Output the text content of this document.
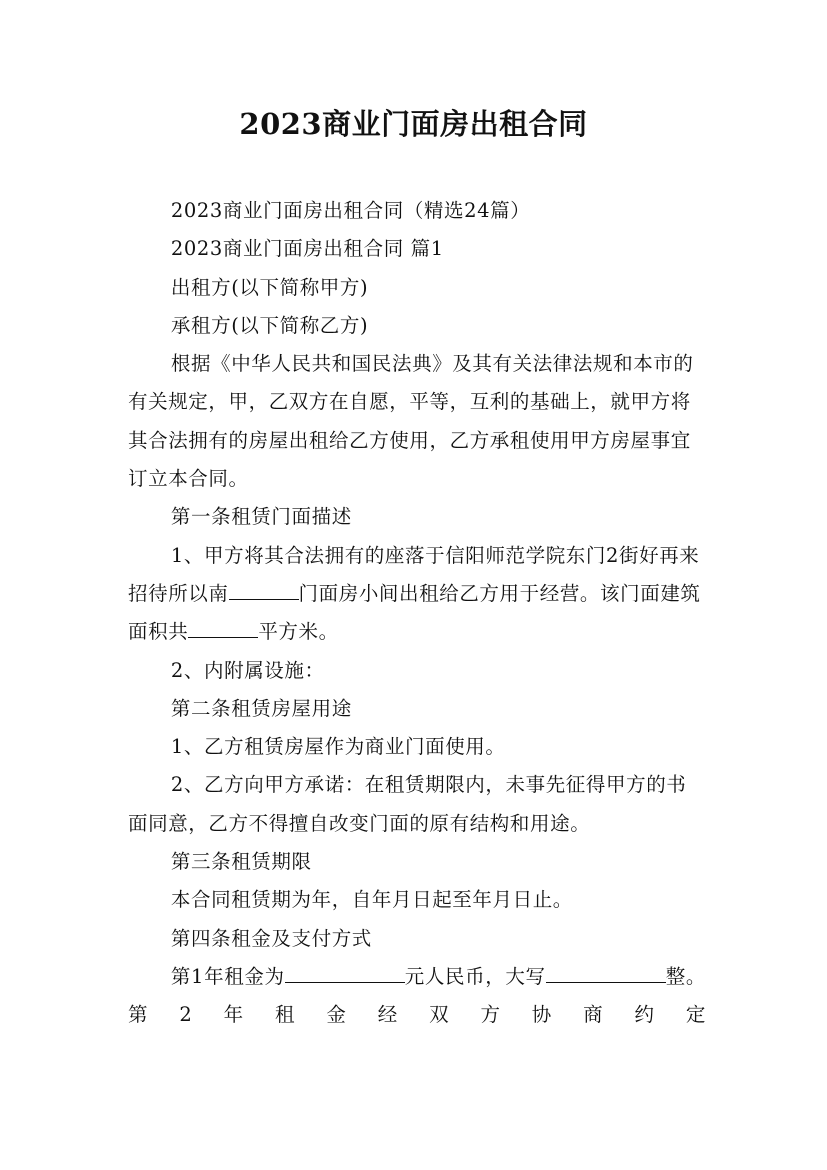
2023商业门面房出租合同

2023商业门面房出租合同（精选24篇）

2023商业门面房出租合同 篇1

出租方(以下简称甲方)

承租方(以下简称乙方)

根据《中华人民共和国民法典》及其有关法律法规和本市的有关规定，甲，乙双方在自愿，平等，互利的基础上，就甲方将其合法拥有的房屋出租给乙方使用，乙方承租使用甲方房屋事宜订立本合同。

第一条租赁门面描述

1、甲方将其合法拥有的座落于信阳师范学院东门2街好再来招待所以南	门面房小间出租给乙方用于经营。该门面建筑面积共	平方米。

2、内附属设施：

第二条租赁房屋用途

1、乙方租赁房屋作为商业门面使用。

2、乙方向甲方承诺：在租赁期限内，未事先征得甲方的书面同意，乙方不得擅自改变门面的原有结构和用途。

第三条租赁期限

本合同租赁期为年，自年月日起至年月日止。

第四条租金及支付方式

第1年租金为	元人民币，大写	整。第2年租金经双方协商约定
